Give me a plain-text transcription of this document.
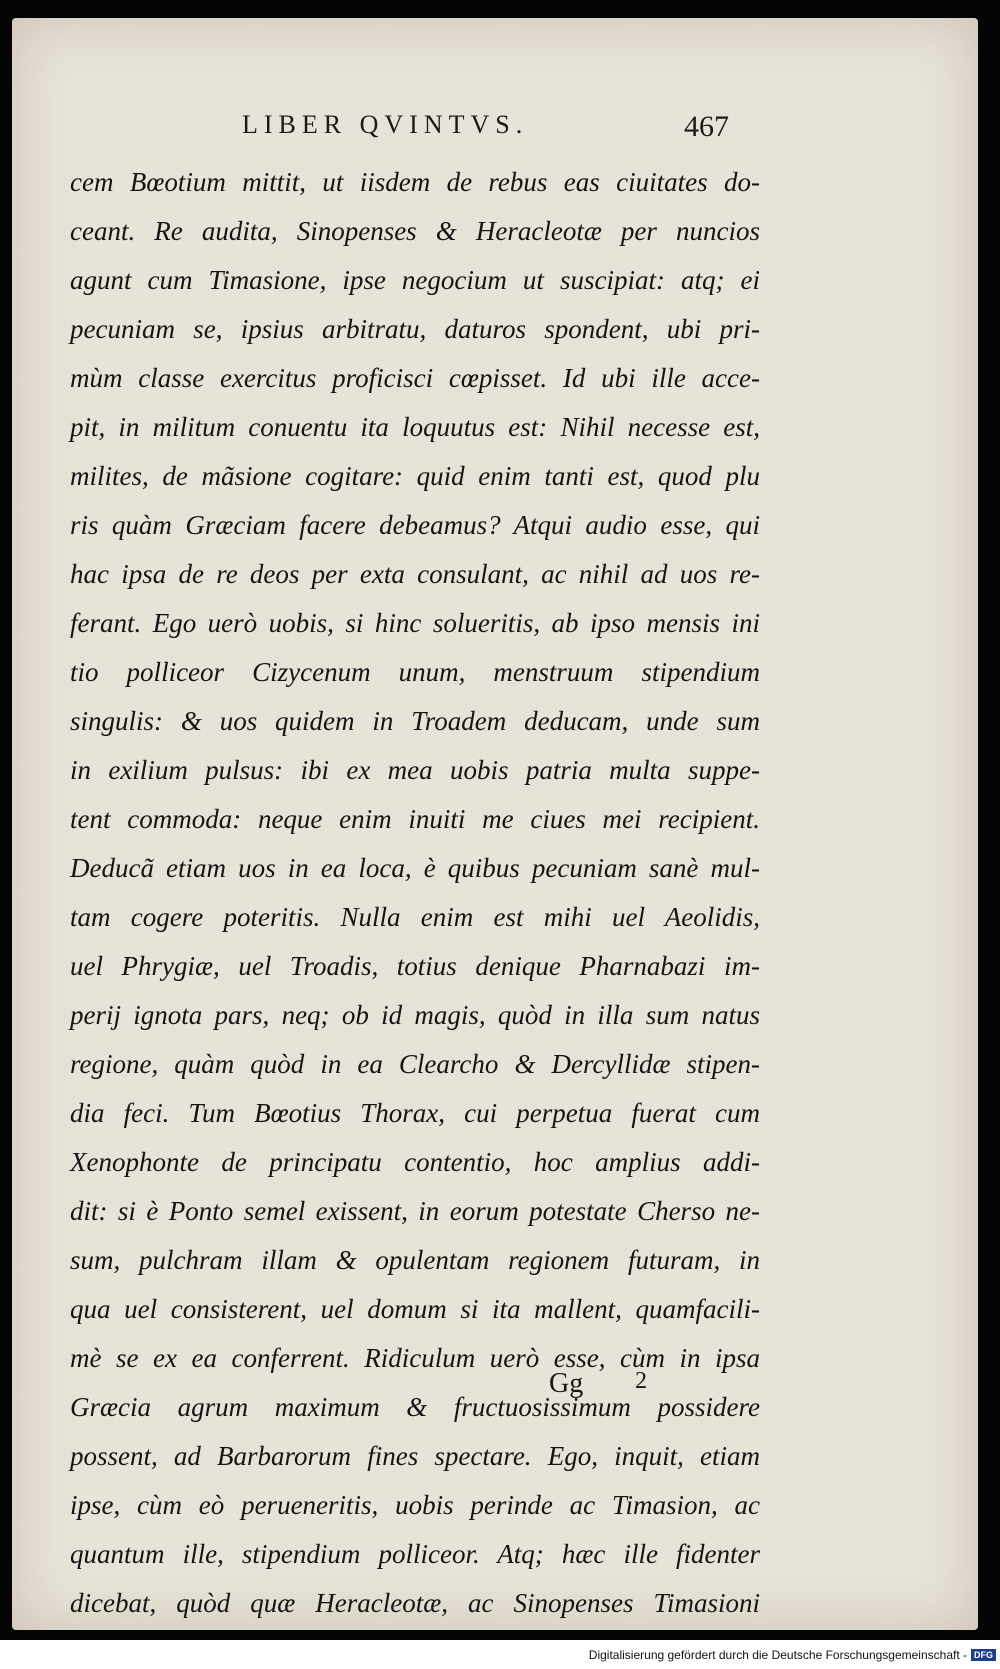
LIBER QVINTVS.	467
cem Bœotium mittit, ut iisdem de rebus eas ciuitates do-
ceant. Re audita, Sinopenses & Heracleotæ per nuncios
agunt cum Timasione, ipse negocium ut suscipiat: atq; ei
pecuniam se, ipsius arbitratu, daturos spondent, ubi pri-
mùm classe exercitus proficisci cœpisset. Id ubi ille acce-
pit, in militum conuentu ita loquutus est: Nihil necesse est,
milites, de mãsione cogitare: quid enim tanti est, quod plu
ris quàm Græciam facere debeamus? Atqui audio esse, qui
hac ipsa de re deos per exta consulant, ac nihil ad uos re-
ferant. Ego uerò uobis, si hinc solueritis, ab ipso mensis ini
tio polliceor Cizycenum unum, menstruum stipendium
singulis: & uos quidem in Troadem deducam, unde sum
in exilium pulsus: ibi ex mea uobis patria multa suppe-
tent commoda: neque enim inuiti me ciues mei recipient.
Deducã etiam uos in ea loca, è quibus pecuniam sanè mul-
tam cogere poteritis. Nulla enim est mihi uel Aeolidis,
uel Phrygiæ, uel Troadis, totius denique Pharnabazi im-
perij ignota pars, neq; ob id magis, quòd in illa sum natus
regione, quàm quòd in ea Clearcho & Dercyllidæ stipen-
dia feci. Tum Bœotius Thorax, cui perpetua fuerat cum
Xenophonte de principatu contentio, hoc amplius addi-
dit: si è Ponto semel exissent, in eorum potestate Cherso ne-
sum, pulchram illam & opulentam regionem futuram, in
qua uel consisterent, uel domum si ita mallent, quamfacili-
mè se ex ea conferrent. Ridiculum uerò esse, cùm in ipsa
Græcia agrum maximum & fructuosissimum possidere
possent, ad Barbarorum fines spectare. Ego, inquit, etiam
ipse, cùm eò perueneritis, uobis perinde ac Timasion, ac
quantum ille, stipendium polliceor. Atq; hæc ille fidenter
dicebat, quòd quæ Heracleotæ, ac Sinopenses Timasioni
Gg 2
Digitalisierung gefördert durch die Deutsche Forschungsgemeinschaft - DFG
